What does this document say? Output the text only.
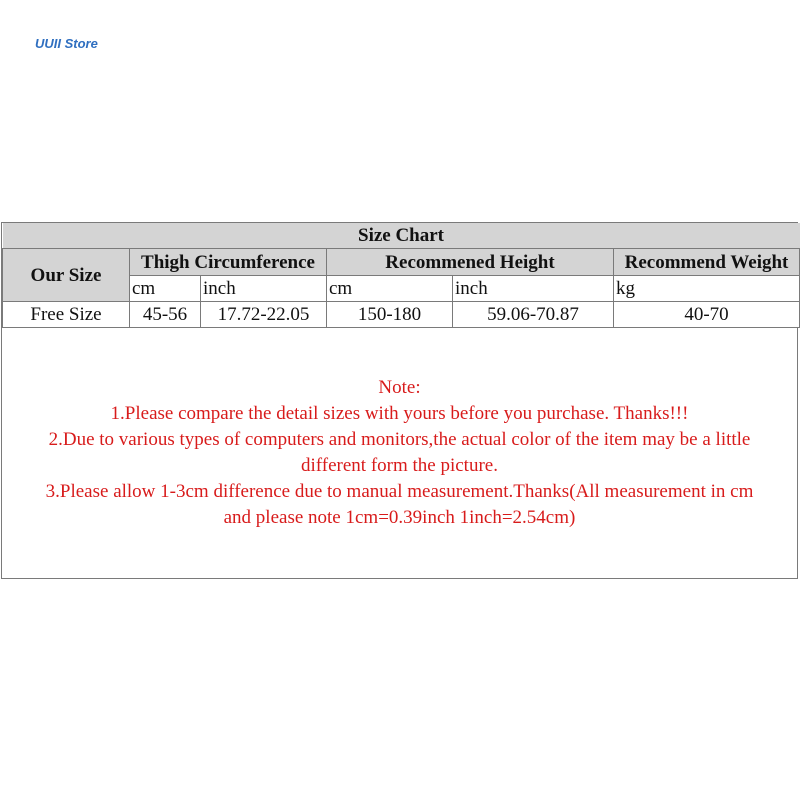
UUII Store
Size Chart					
Our Size	Thigh Circumference		Recommened Height		Recommend Weight
	cm	inch	cm	inch	kg
Free Size	45-56	17.72-22.05	150-180	59.06-70.87	40-70
Note:
1.Please compare the detail sizes with yours before you purchase. Thanks!!!
2.Due to various types of computers and monitors,the actual color of the item may be a little
different form the picture.
3.Please allow 1-3cm difference due to manual measurement.Thanks(All measurement in cm
and please note 1cm=0.39inch 1inch=2.54cm)
